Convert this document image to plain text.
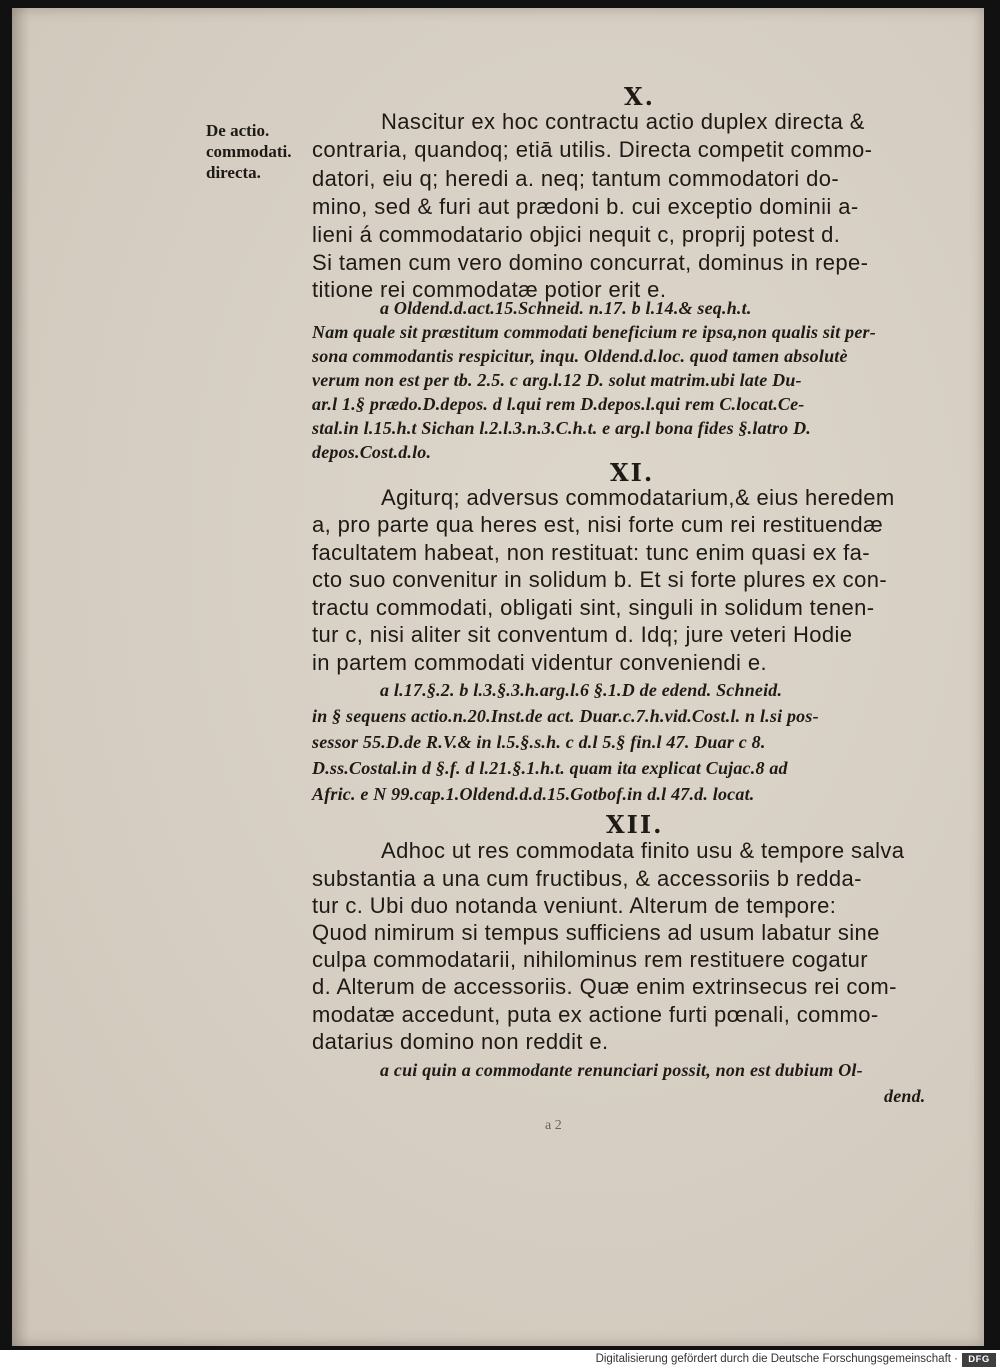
De actio.
commodati.
directa.
X.
Nascitur ex hoc contractu actio duplex directa &
contraria, quandoq; etiā utilis. Directa competit commo-
datori, eiu q; heredi a. neq; tantum commodatori do-
mino, sed & furi aut prædoni b. cui exceptio dominii a-
lieni á commodatario objici nequit c, proprij potest d.
Si tamen cum vero domino concurrat, dominus in repe-
titione rei commodatæ potior erit e.
a Oldend.d.act.15.Schneid. n.17. b l.14.& seq.h.t.
Nam quale sit præstitum commodati beneficium re ipsa,non qualis sit per-
sona commodantis respicitur, inqu. Oldend.d.loc. quod tamen absolutè
verum non est per tb. 2.5. c arg.l.12 D. solut matrim.ubi late Du-
ar.l 1.§ prædo.D.depos. d l.qui rem D.depos.l.qui rem C.locat.Ce-
stal.in l.15.h.t Sichan l.2.l.3.n.3.C.h.t. e arg.l bona fides §.latro D.
depos.Cost.d.lo.
XI.
Agiturq; adversus commodatarium,& eius heredem
a, pro parte qua heres est, nisi forte cum rei restituendæ
facultatem habeat, non restituat: tunc enim quasi ex fa-
cto suo convenitur in solidum b. Et si forte plures ex con-
tractu commodati, obligati sint, singuli in solidum tenen-
tur c, nisi aliter sit conventum d. Idq; jure veteri Hodie
in partem commodati videntur conveniendi e.
a l.17.§.2. b l.3.§.3.h.arg.l.6 §.1.D de edend. Schneid.
in § sequens actio.n.20.Inst.de act. Duar.c.7.h.vid.Cost.l. n l.si pos-
sessor 55.D.de R.V.& in l.5.§.s.h. c d.l 5.§ fin.l 47. Duar c 8.
D.ss.Costal.in d §.f. d l.21.§.1.h.t. quam ita explicat Cujac.8 ad
Afric. e N 99.cap.1.Oldend.d.d.15.Gotbof.in d.l 47.d. locat.
XII.
Adhoc ut res commodata finito usu & tempore salva
substantia a una cum fructibus, & accessoriis b redda-
tur c. Ubi duo notanda veniunt. Alterum de tempore:
Quod nimirum si tempus sufficiens ad usum labatur sine
culpa commodatarii, nihilominus rem restituere cogatur
d. Alterum de accessoriis. Quæ enim extrinsecus rei com-
modatæ accedunt, puta ex actione furti pœnali, commo-
datarius domino non reddit e.
a cui quin a commodante renunciari possit, non est dubium Ol-
dend.
a 2
Digitalisierung gefördert durch die Deutsche Forschungsgemeinschaft ·	DFG
